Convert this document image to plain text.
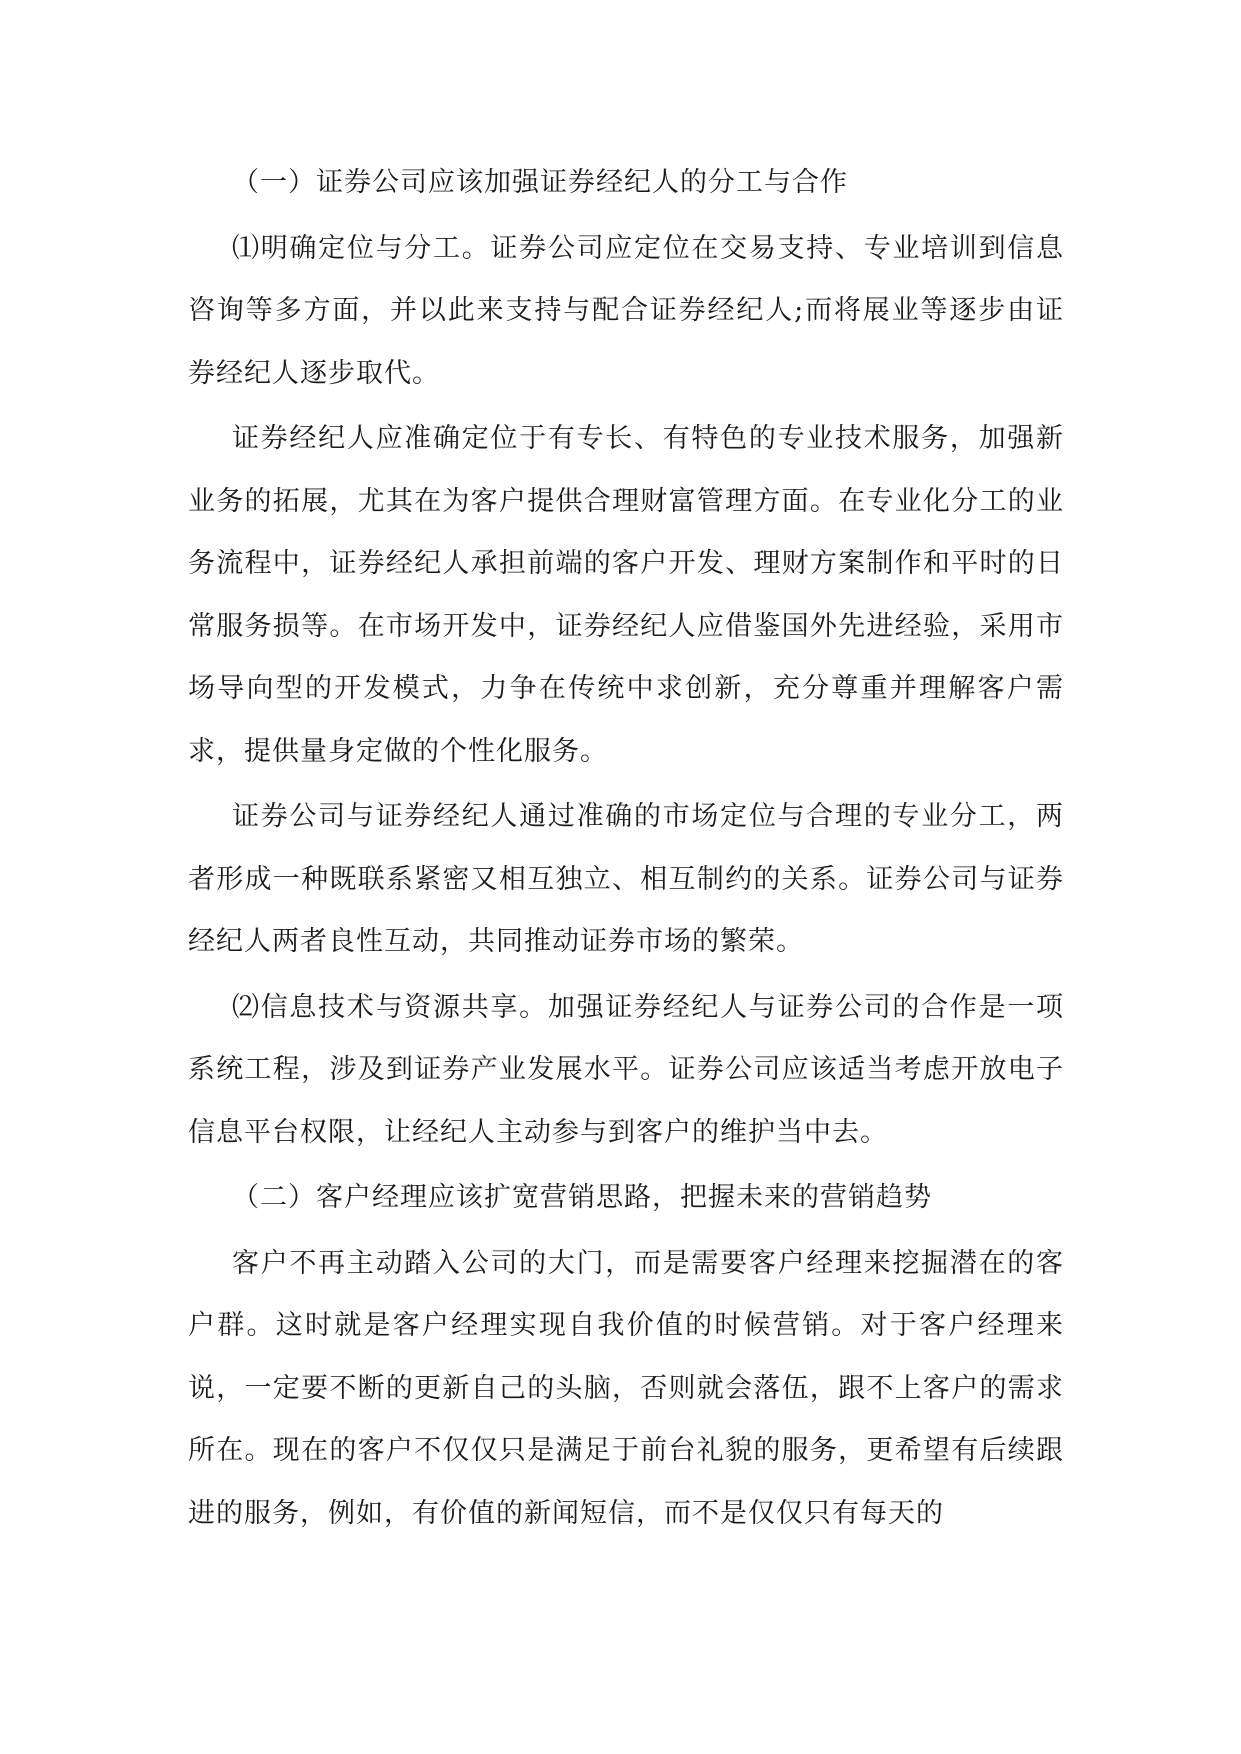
（一）证券公司应该加强证券经纪人的分工与合作

⑴明确定位与分工。证券公司应定位在交易支持、专业培训到信息咨询等多方面，并以此来支持与配合证券经纪人;而将展业等逐步由证券经纪人逐步取代。

证券经纪人应准确定位于有专长、有特色的专业技术服务，加强新业务的拓展，尤其在为客户提供合理财富管理方面。在专业化分工的业务流程中，证券经纪人承担前端的客户开发、理财方案制作和平时的日常服务损等。在市场开发中，证券经纪人应借鉴国外先进经验，采用市场导向型的开发模式，力争在传统中求创新，充分尊重并理解客户需求，提供量身定做的个性化服务。

证券公司与证券经纪人通过准确的市场定位与合理的专业分工，两者形成一种既联系紧密又相互独立、相互制约的关系。证券公司与证券经纪人两者良性互动，共同推动证券市场的繁荣。

⑵信息技术与资源共享。加强证券经纪人与证券公司的合作是一项系统工程，涉及到证券产业发展水平。证券公司应该适当考虑开放电子信息平台权限，让经纪人主动参与到客户的维护当中去。

（二）客户经理应该扩宽营销思路，把握未来的营销趋势

客户不再主动踏入公司的大门，而是需要客户经理来挖掘潜在的客户群。这时就是客户经理实现自我价值的时候营销。对于客户经理来说，一定要不断的更新自己的头脑，否则就会落伍，跟不上客户的需求所在。现在的客户不仅仅只是满足于前台礼貌的服务，更希望有后续跟进的服务，例如，有价值的新闻短信，而不是仅仅只有每天的
